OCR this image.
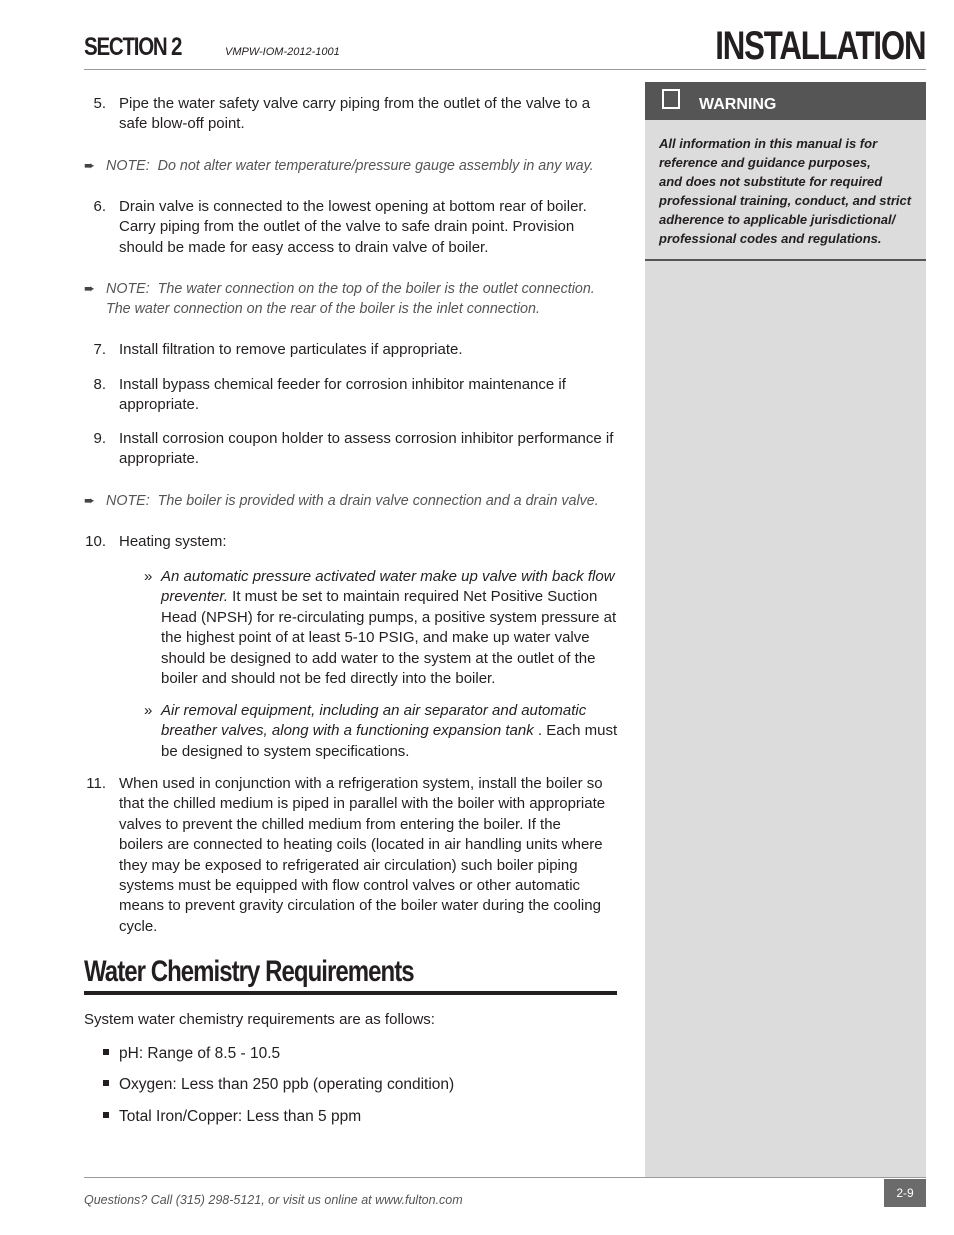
SECTION 2	VMPW-IOM-2012-1001	INSTALLATION
WARNING
All information in this manual is for
reference and guidance purposes,
and does not substitute for required
professional training, conduct, and strict
adherence to applicable jurisdictional/
professional codes and regulations.
5. Pipe the water safety valve carry piping from the outlet of the valve to a safe blow-off point.
➨ NOTE: Do not alter water temperature/pressure gauge assembly in any way.
6. Drain valve is connected to the lowest opening at bottom rear of boiler. Carry piping from the outlet of the valve to safe drain point. Provision should be made for easy access to drain valve of boiler.
➨ NOTE: The water connection on the top of the boiler is the outlet connection. The water connection on the rear of the boiler is the inlet connection.
7. Install filtration to remove particulates if appropriate.
8. Install bypass chemical feeder for corrosion inhibitor maintenance if appropriate.
9. Install corrosion coupon holder to assess corrosion inhibitor performance if appropriate.
➨ NOTE: The boiler is provided with a drain valve connection and a drain valve.
10. Heating system:
» An automatic pressure activated water make up valve with back flow preventer. It must be set to maintain required Net Positive Suction Head (NPSH) for re-circulating pumps, a positive system pressure at the highest point of at least 5-10 PSIG, and make up water valve should be designed to add water to the system at the outlet of the boiler and should not be fed directly into the boiler.
» Air removal equipment, including an air separator and automatic breather valves, along with a functioning expansion tank . Each must be designed to system specifications.
11. When used in conjunction with a refrigeration system, install the boiler so that the chilled medium is piped in parallel with the boiler with appropriate valves to prevent the chilled medium from entering the boiler. If the boilers are connected to heating coils (located in air handling units where they may be exposed to refrigerated air circulation) such boiler piping systems must be equipped with flow control valves or other automatic means to prevent gravity circulation of the boiler water during the cooling cycle.
Water Chemistry Requirements
System water chemistry requirements are as follows:
pH: Range of 8.5 - 10.5
Oxygen: Less than 250 ppb (operating condition)
Total Iron/Copper: Less than 5 ppm
Questions? Call (315) 298-5121, or visit us online at www.fulton.com	2-9
